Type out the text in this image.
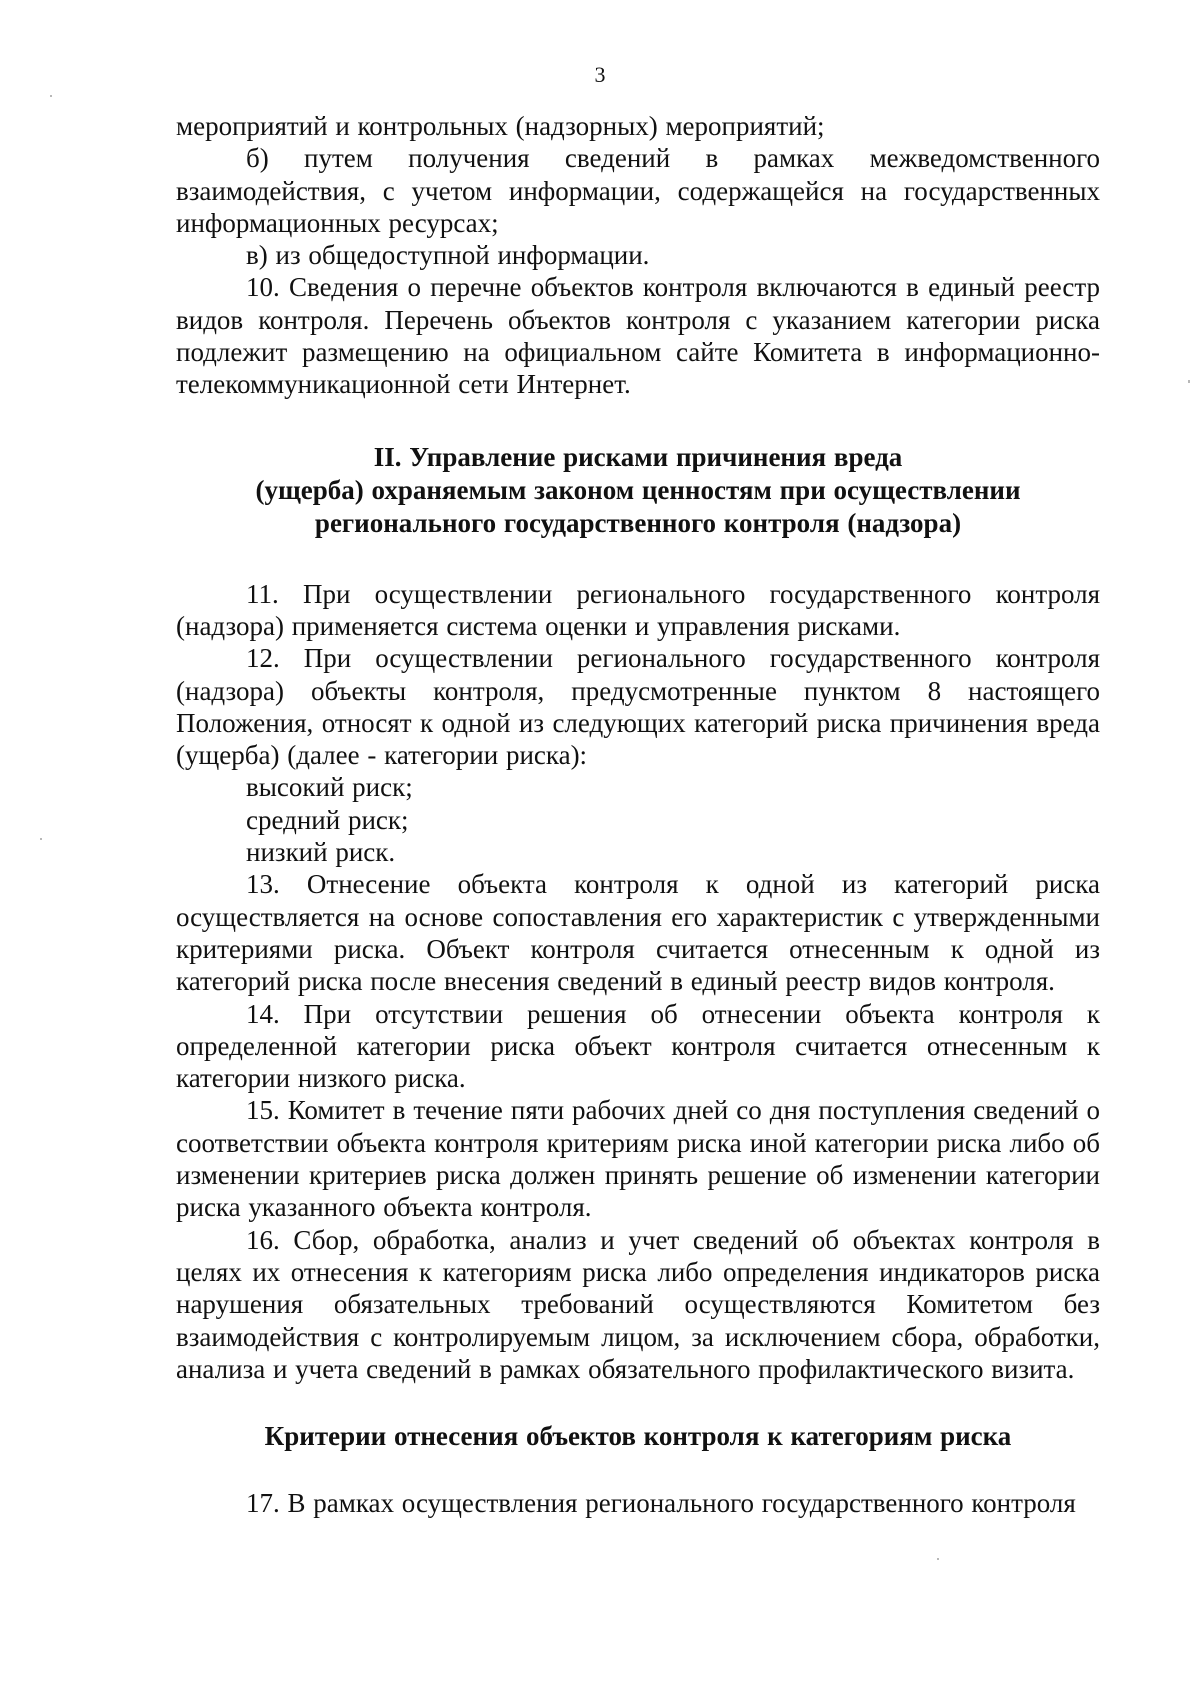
3

мероприятий и контрольных (надзорных) мероприятий;

б) путем получения сведений в рамках межведомственного взаимодействия, с учетом информации, содержащейся на государственных информационных ресурсах;

в) из общедоступной информации.

10. Сведения о перечне объектов контроля включаются в единый реестр видов контроля. Перечень объектов контроля с указанием категории риска подлежит размещению на официальном сайте Комитета в информационно-телекоммуникационной сети Интернет.

II. Управление рисками причинения вреда
(ущерба) охраняемым законом ценностям при осуществлении
регионального государственного контроля (надзора)

11. При осуществлении регионального государственного контроля (надзора) применяется система оценки и управления рисками.

12. При осуществлении регионального государственного контроля (надзора) объекты контроля, предусмотренные пунктом 8 настоящего Положения, относят к одной из следующих категорий риска причинения вреда (ущерба) (далее - категории риска):

высокий риск;

средний риск;

низкий риск.

13. Отнесение объекта контроля к одной из категорий риска осуществляется на основе сопоставления его характеристик с утвержденными критериями риска. Объект контроля считается отнесенным к одной из категорий риска после внесения сведений в единый реестр видов контроля.

14. При отсутствии решения об отнесении объекта контроля к определенной категории риска объект контроля считается отнесенным к категории низкого риска.

15. Комитет в течение пяти рабочих дней со дня поступления сведений о соответствии объекта контроля критериям риска иной категории риска либо об изменении критериев риска должен принять решение об изменении категории риска указанного объекта контроля.

16. Сбор, обработка, анализ и учет сведений об объектах контроля в целях их отнесения к категориям риска либо определения индикаторов риска нарушения обязательных требований осуществляются Комитетом без взаимодействия с контролируемым лицом, за исключением сбора, обработки, анализа и учета сведений в рамках обязательного профилактического визита.

Критерии отнесения объектов контроля к категориям риска

17. В рамках осуществления регионального государственного контроля
